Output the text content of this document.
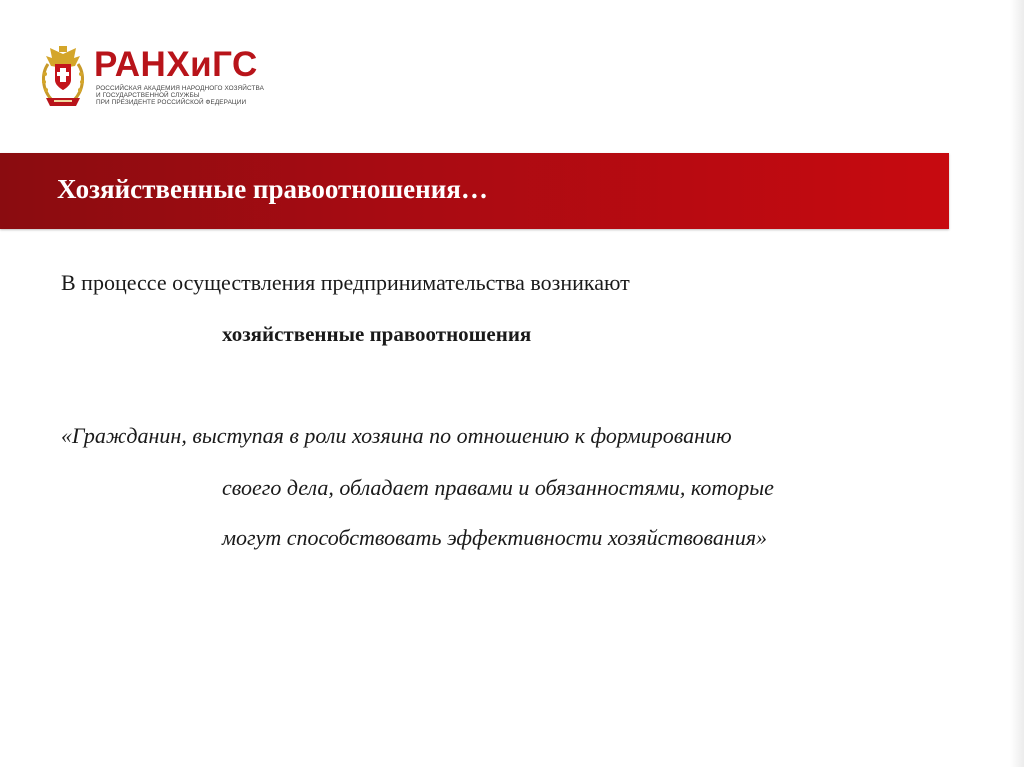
РАНХиГС
РОССИЙСКАЯ АКАДЕМИЯ НАРОДНОГО ХОЗЯЙСТВА
И ГОСУДАРСТВЕННОЙ СЛУЖБЫ
ПРИ ПРЕЗИДЕНТЕ РОССИЙСКОЙ ФЕДЕРАЦИИ
Хозяйственные правоотношения…
В процессе осуществления предпринимательства возникают
хозяйственные правоотношения
«Гражданин, выступая в роли хозяина по отношению к формированию
своего дела, обладает правами и обязанностями, которые
могут способствовать эффективности хозяйствования»
